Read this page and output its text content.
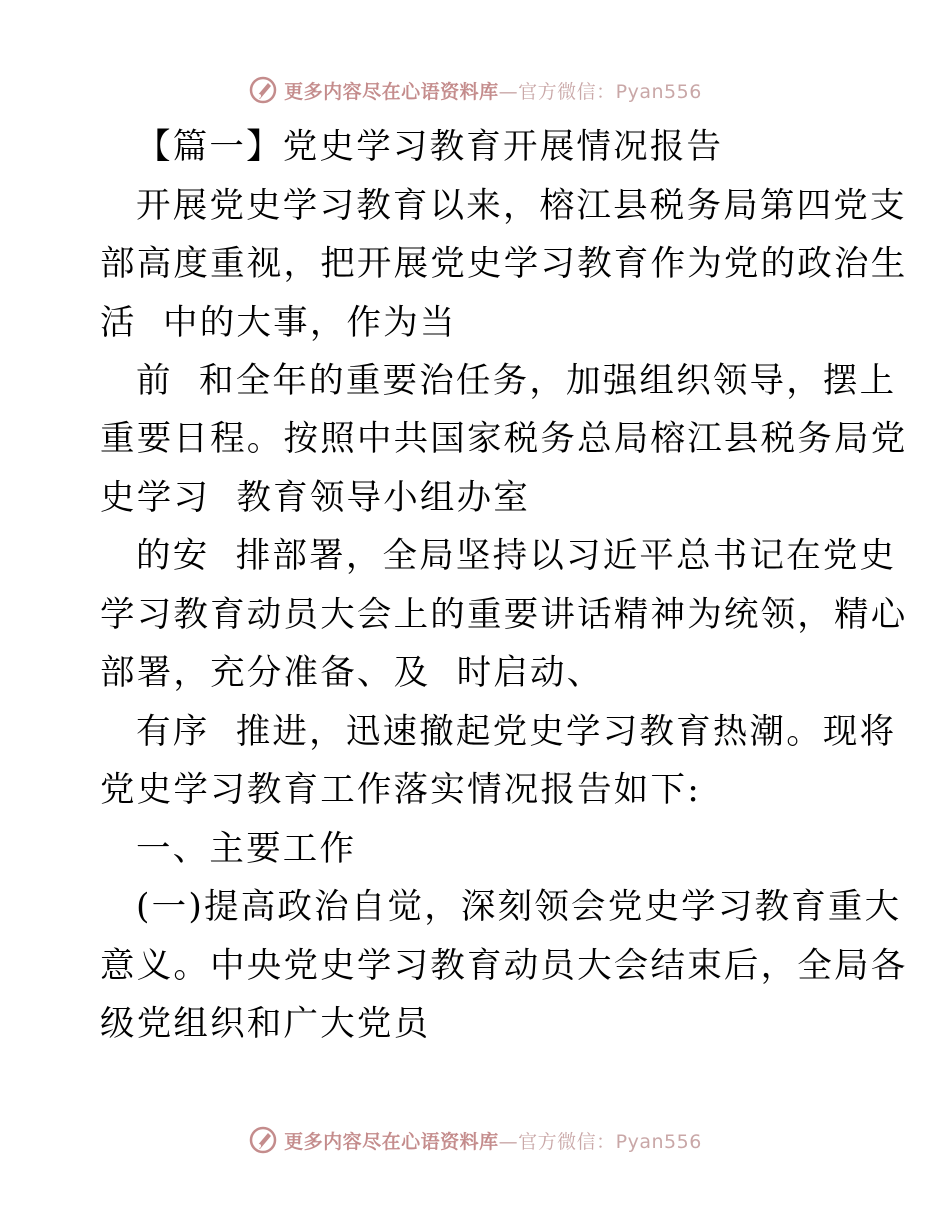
更多内容尽在心语资料库 —官方微信：Pyan556
【篇一】党史学习教育开展情况报告
开展党史学习教育以来，榕江县税务局第四党支
部高度重视，把开展党史学习教育作为党的政治生
活  中的大事，作为当
前  和全年的重要治任务，加强组织领导，摆上
重要日程。按照中共国家税务总局榕江县税务局党
史学习  教育领导小组办室
的安  排部署，全局坚持以习近平总书记在党史
学习教育动员大会上的重要讲话精神为统领，精心
部署，充分准备、及  时启动、
有序  推进，迅速撤起党史学习教育热潮。现将
党史学习教育工作落实情况报告如下:
一、主要工作
(一)提高政治自觉，深刻领会党史学习教育重大
意义。中央党史学习教育动员大会结束后，全局各
级党组织和广大党员
更多内容尽在心语资料库 —官方微信：Pyan556
